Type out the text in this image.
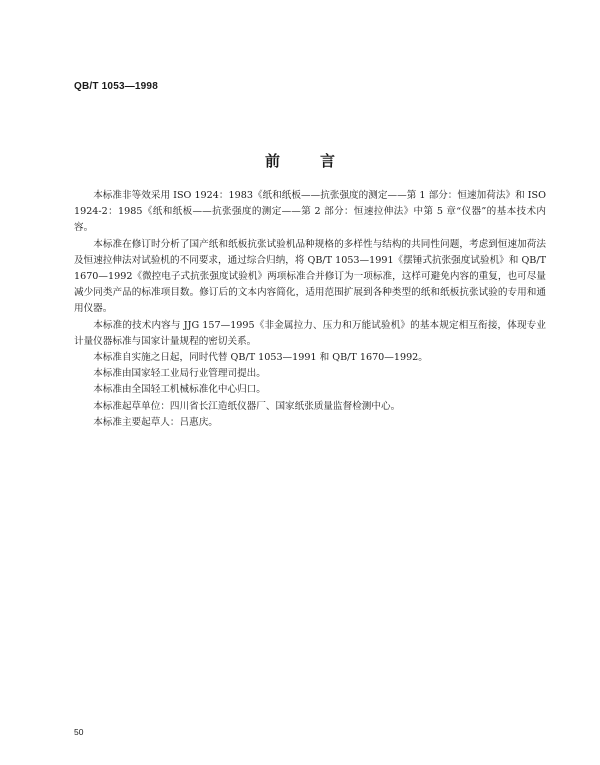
QB/T 1053—1998
前言

本标准非等效采用 ISO 1924：1983《纸和纸板——抗张强度的测定——第 1 部分：恒速加荷法》和 ISO 1924-2：1985《纸和纸板——抗张强度的测定——第 2 部分：恒速拉伸法》中第 5 章“仪器”的基本技术内容。

本标准在修订时分析了国产纸和纸板抗张试验机品种规格的多样性与结构的共同性问题，考虑到恒速加荷法及恒速拉伸法对试验机的不同要求，通过综合归纳，将 QB/T 1053—1991《摆锤式抗张强度试验机》和 QB/T 1670—1992《微控电子式抗张强度试验机》两项标准合并修订为一项标准，这样可避免内容的重复，也可尽量减少同类产品的标准项目数。修订后的文本内容简化，适用范围扩展到各种类型的纸和纸板抗张试验的专用和通用仪器。

本标准的技术内容与 JJG 157—1995《非金属拉力、压力和万能试验机》的基本规定相互衔接，体现专业计量仪器标准与国家计量规程的密切关系。

本标准自实施之日起，同时代替 QB/T 1053—1991 和 QB/T 1670—1992。

本标准由国家轻工业局行业管理司提出。

本标准由全国轻工机械标准化中心归口。

本标准起草单位：四川省长江造纸仪器厂、国家纸张质量监督检测中心。

本标准主要起草人：吕惠庆。

50
